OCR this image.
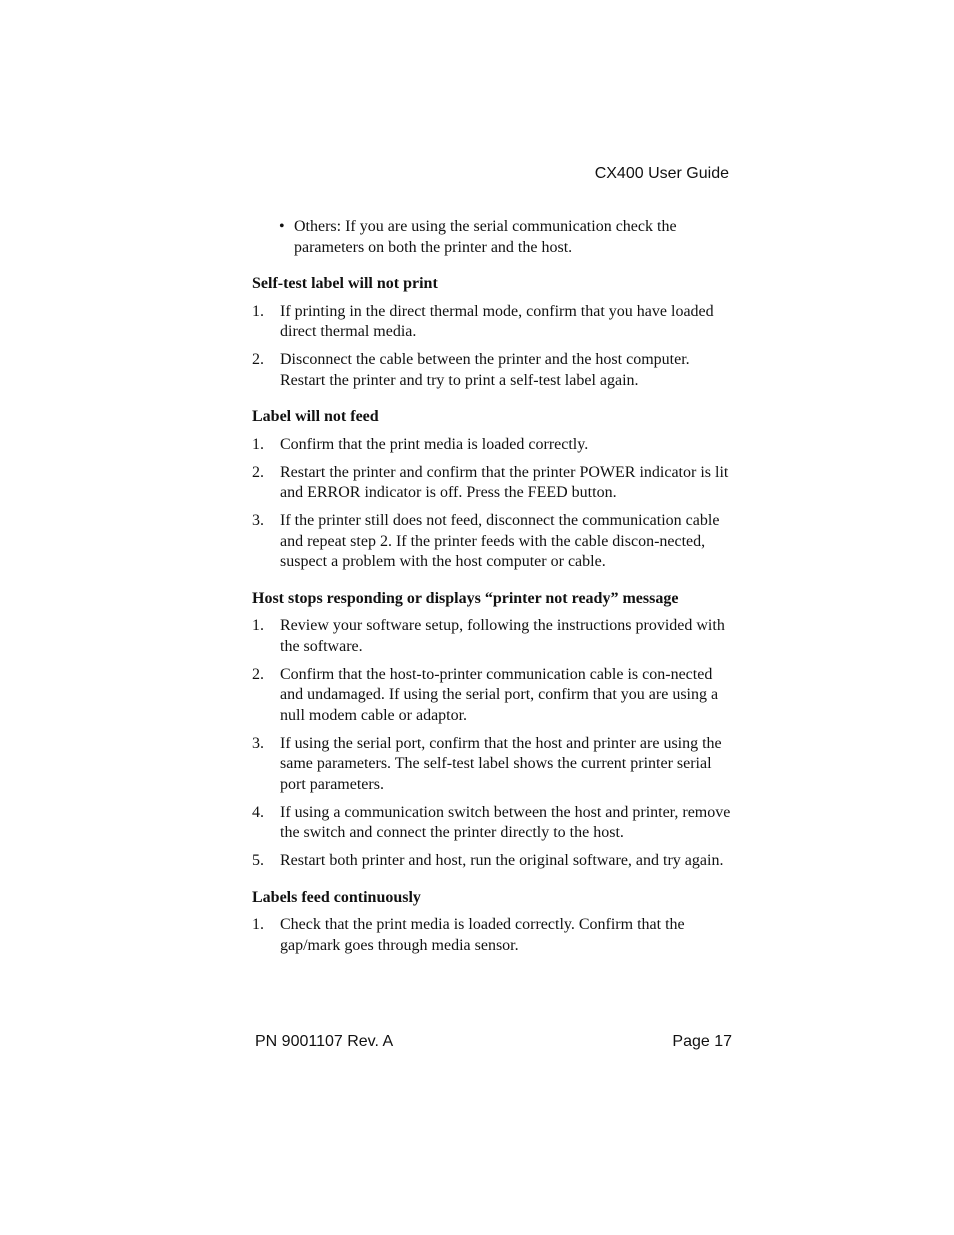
CX400 User Guide

• Others: If you are using the serial communication check the parameters on both the printer and the host.

Self-test label will not print

1. If printing in the direct thermal mode, confirm that you have loaded direct thermal media.

2. Disconnect the cable between the printer and the host computer. Restart the printer and try to print a self-test label again.

Label will not feed

1. Confirm that the print media is loaded correctly.

2. Restart the printer and confirm that the printer POWER indicator is lit and ERROR indicator is off. Press the FEED button.

3. If the printer still does not feed, disconnect the communication cable and repeat step 2. If the printer feeds with the cable discon-nected, suspect a problem with the host computer or cable.

Host stops responding or displays “printer not ready” message

1. Review your software setup, following the instructions provided with the software.

2. Confirm that the host-to-printer communication cable is con-nected and undamaged. If using the serial port, confirm that you are using a null modem cable or adaptor.

3. If using the serial port, confirm that the host and printer are using the same parameters. The self-test label shows the current printer serial port parameters.

4. If using a communication switch between the host and printer, remove the switch and connect the printer directly to the host.

5. Restart both printer and host, run the original software, and try again.

Labels feed continuously

1. Check that the print media is loaded correctly. Confirm that the gap/mark goes through media sensor.

PN 9001107 Rev. A	Page 17
